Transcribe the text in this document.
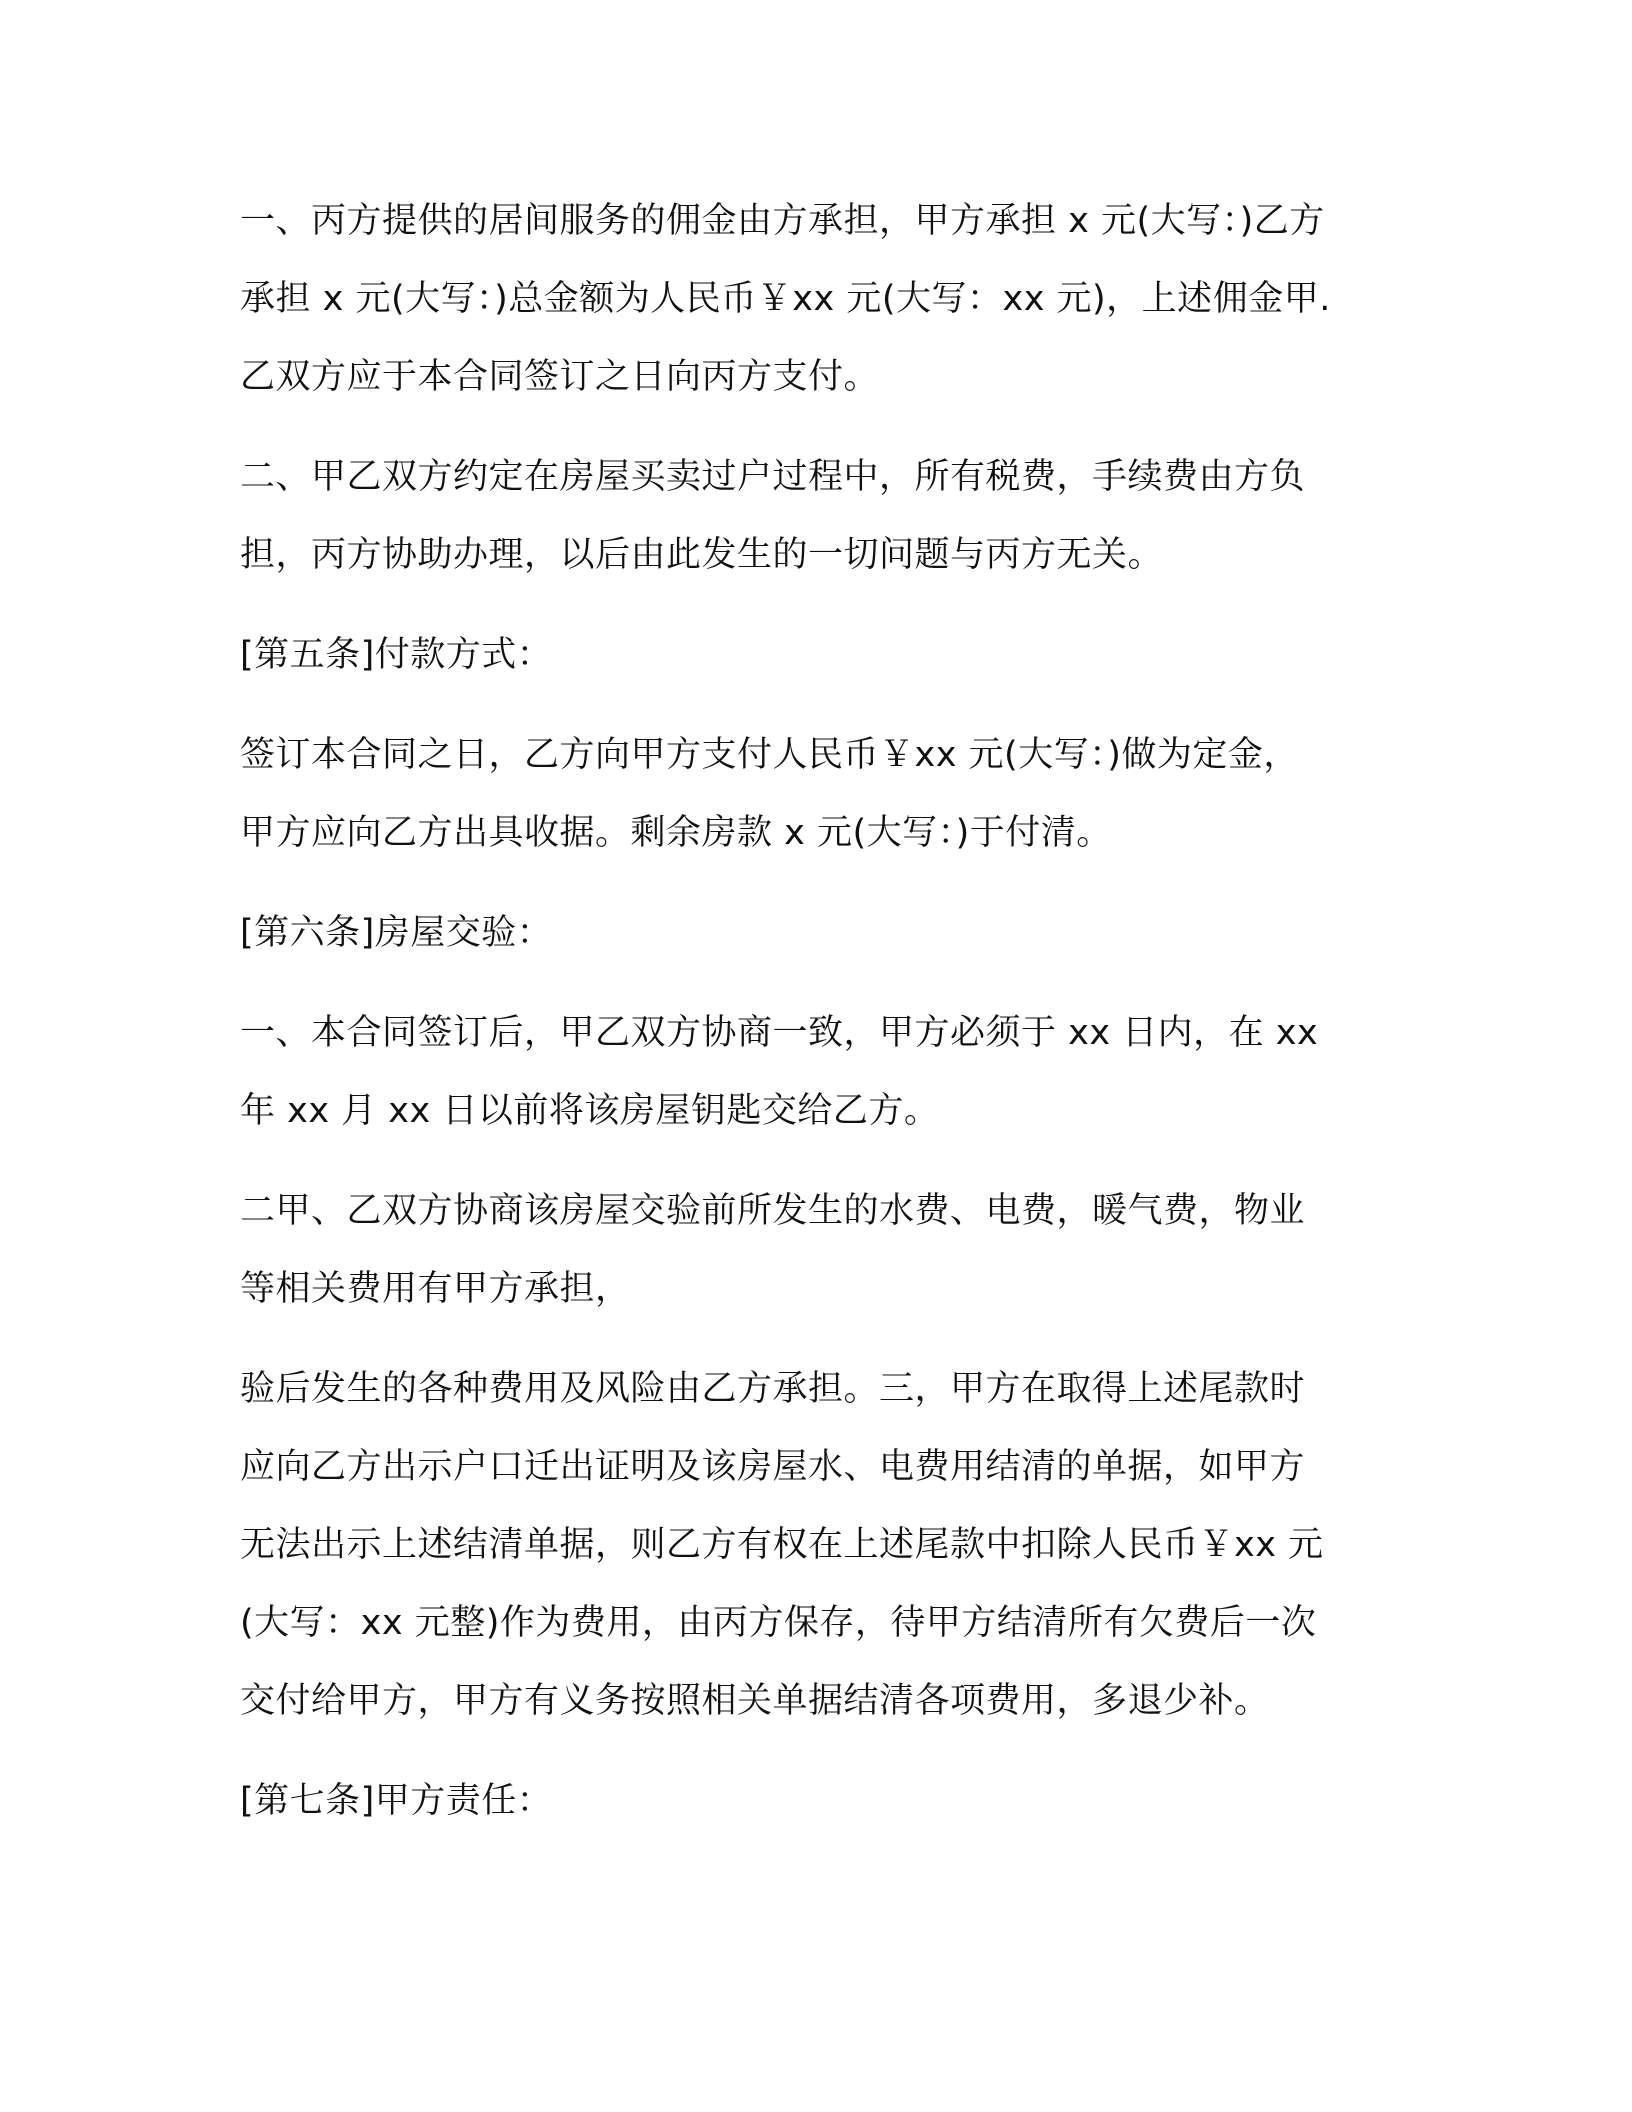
一、丙方提供的居间服务的佣金由方承担，甲方承担 x 元(大写：)乙方
承担 x 元(大写：)总金额为人民币￥xx 元(大写：xx 元)，上述佣金甲.
乙双方应于本合同签订之日向丙方支付。

二、甲乙双方约定在房屋买卖过户过程中，所有税费，手续费由方负
担，丙方协助办理，以后由此发生的一切问题与丙方无关。

[第五条]付款方式：

签订本合同之日，乙方向甲方支付人民币￥xx 元(大写：)做为定金，
甲方应向乙方出具收据。剩余房款 x 元(大写：)于付清。

[第六条]房屋交验：

一、本合同签订后，甲乙双方协商一致，甲方必须于 xx 日内，在 xx
年 xx 月 xx 日以前将该房屋钥匙交给乙方。

二甲、乙双方协商该房屋交验前所发生的水费、电费，暖气费，物业
等相关费用有甲方承担，

验后发生的各种费用及风险由乙方承担。三，甲方在取得上述尾款时
应向乙方出示户口迁出证明及该房屋水、电费用结清的单据，如甲方
无法出示上述结清单据，则乙方有权在上述尾款中扣除人民币￥xx 元
(大写：xx 元整)作为费用，由丙方保存，待甲方结清所有欠费后一次
交付给甲方，甲方有义务按照相关单据结清各项费用，多退少补。

[第七条]甲方责任：
